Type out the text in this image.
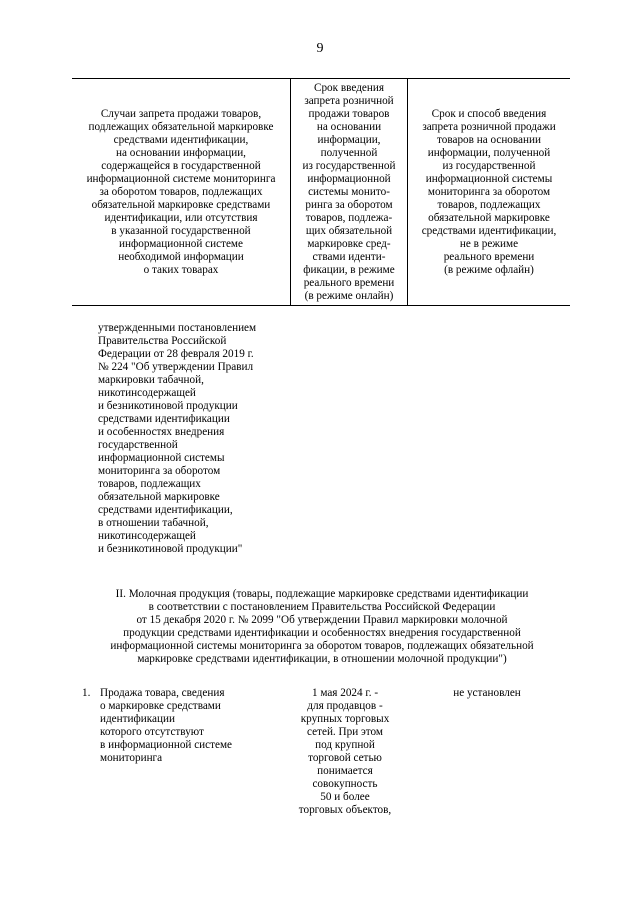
9
Случаи запрета продажи товаров,
подлежащих обязательной маркировке
средствами идентификации,
на основании информации,
содержащейся в государственной
информационной системе мониторинга
за оборотом товаров, подлежащих
обязательной маркировке средствами
идентификации, или отсутствия
в указанной государственной
информационной системе
необходимой информации
о таких товарах
Срок введения
запрета розничной
продажи товаров
на основании
информации,
полученной
из государственной
информационной
системы монито-
ринга за оборотом
товаров, подлежа-
щих обязательной
маркировке сред-
ствами иденти-
фикации, в режиме
реального времени
(в режиме онлайн)
Срок и способ введения
запрета розничной продажи
товаров на основании
информации, полученной
из государственной
информационной системы
мониторинга за оборотом
товаров, подлежащих
обязательной маркировке
средствами идентификации,
не в режиме
реального времени
(в режиме офлайн)
утвержденными постановлением
Правительства Российской
Федерации от 28 февраля 2019 г.
№ 224 "Об утверждении Правил
маркировки табачной,
никотинсодержащей
и безникотиновой продукции
средствами идентификации
и особенностях внедрения
государственной
информационной системы
мониторинга за оборотом
товаров, подлежащих
обязательной маркировке
средствами идентификации,
в отношении табачной,
никотинсодержащей
и безникотиновой продукции"
II. Молочная продукция (товары, подлежащие маркировке средствами идентификации
в соответствии с постановлением Правительства Российской Федерации
от 15 декабря 2020 г. № 2099 "Об утверждении Правил маркировки молочной
продукции средствами идентификации и особенностях внедрения государственной
информационной системы мониторинга за оборотом товаров, подлежащих обязательной
маркировке средствами идентификации, в отношении молочной продукции")
1. Продажа товара, сведения
о маркировке средствами
идентификации
которого отсутствуют
в информационной системе
мониторинга
1 мая 2024 г. -
для продавцов -
крупных торговых
сетей. При этом
под крупной
торговой сетью
понимается
совокупность
50 и более
торговых объектов,
не установлен
